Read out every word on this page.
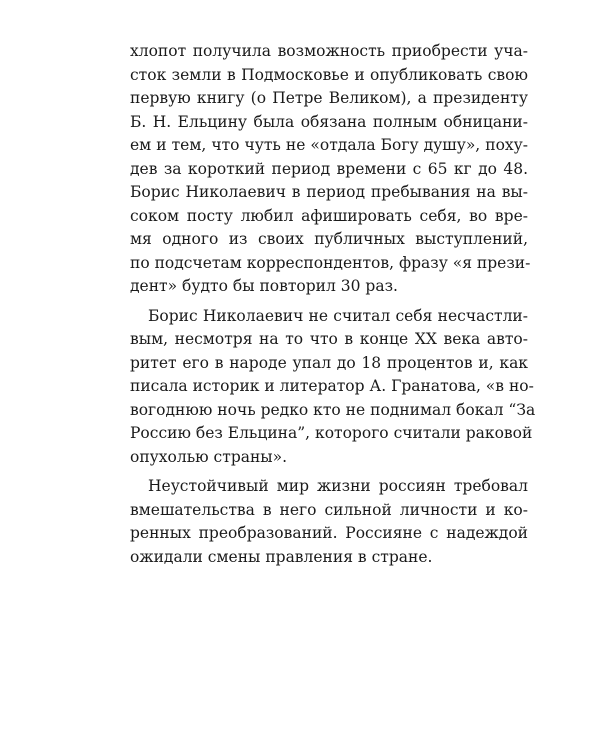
хлопот получила возможность приобрести уча-
сток земли в Подмосковье и опубликовать свою
первую книгу (о Петре Великом), а президенту
Б. Н. Ельцину была обязана полным обницани-
ем и тем, что чуть не «отдала Богу душу», поху-
дев за короткий период времени с 65 кг до 48.
Борис Николаевич в период пребывания на вы-
соком посту любил афишировать себя, во вре-
мя одного из своих публичных выступлений,
по подсчетам корреспондентов, фразу «я прези-
дент» будто бы повторил 30 раз.
Борис Николаевич не считал себя несчастли-
вым, несмотря на то что в конце XX века авто-
ритет его в народе упал до 18 процентов и, как
писала историк и литератор А. Гранатова, «в но-
вогоднюю ночь редко кто не поднимал бокал “За
Россию без Ельцина”, которого считали раковой
опухолью страны».
Неустойчивый мир жизни россиян требовал
вмешательства в него сильной личности и ко-
ренных преобразований. Россияне с надеждой
ожидали смены правления в стране.
